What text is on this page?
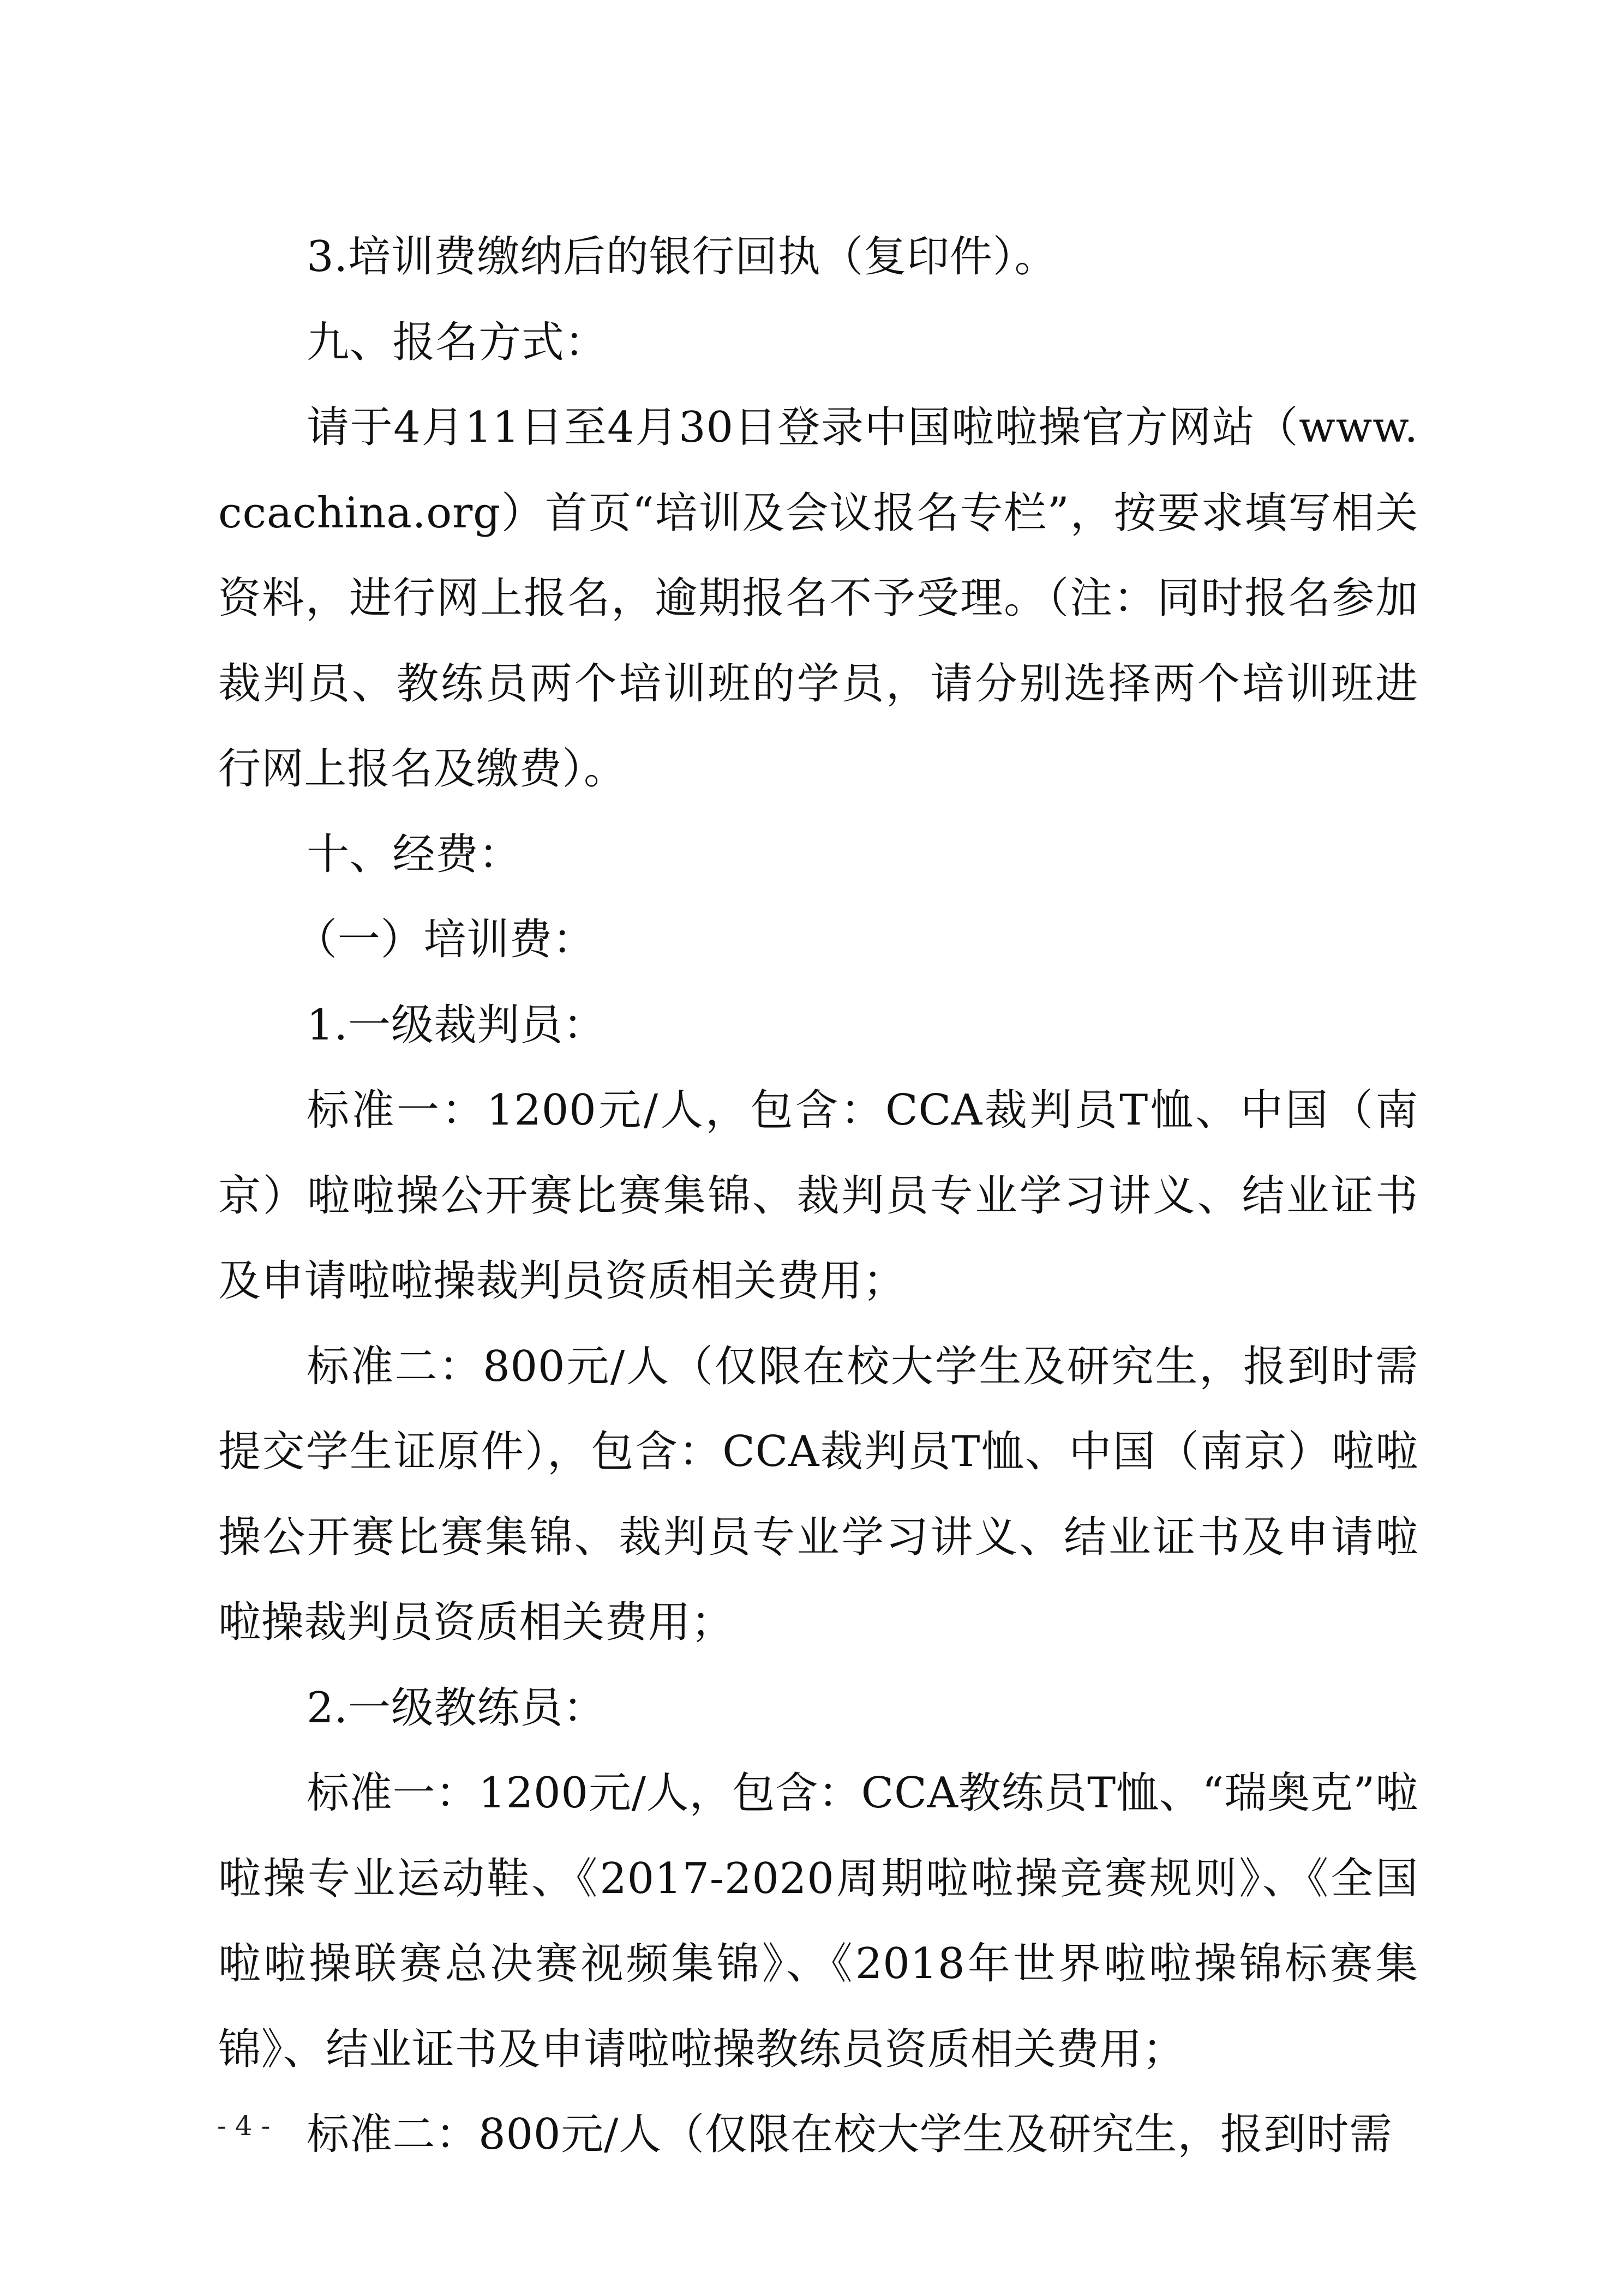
3.培训费缴纳后的银行回执（复印件）。

九、报名方式：

请于4月11日至4月30日登录中国啦啦操官方网站（www.ccachina.org）首页“培训及会议报名专栏”，按要求填写相关资料，进行网上报名，逾期报名不予受理。（注：同时报名参加裁判员、教练员两个培训班的学员，请分别选择两个培训班进行网上报名及缴费）。

十、经费：

（一）培训费：

1.一级裁判员：

标准一：1200元/人，包含：CCA裁判员T恤、中国（南京）啦啦操公开赛比赛集锦、裁判员专业学习讲义、结业证书及申请啦啦操裁判员资质相关费用；

标准二：800元/人（仅限在校大学生及研究生，报到时需提交学生证原件），包含：CCA裁判员T恤、中国（南京）啦啦操公开赛比赛集锦、裁判员专业学习讲义、结业证书及申请啦啦操裁判员资质相关费用；

2.一级教练员：

标准一：1200元/人，包含：CCA教练员T恤、“瑞奥克”啦啦操专业运动鞋、《2017-2020周期啦啦操竞赛规则》、《全国啦啦操联赛总决赛视频集锦》、《2018年世界啦啦操锦标赛集锦》、结业证书及申请啦啦操教练员资质相关费用；

标准二：800元/人（仅限在校大学生及研究生，报到时需

- 4 -
